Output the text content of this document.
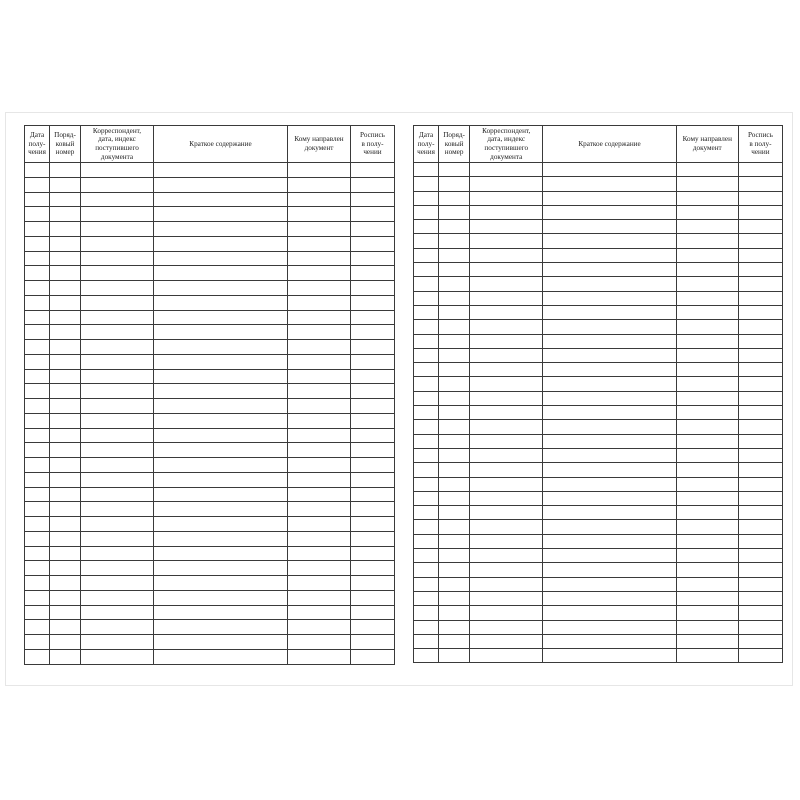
Дата
полу-
чения	Поряд-
ковый
номер	Корреспондент,
дата, индекс
поступившего
документа	Краткое содержание	Кому направлен
документ	Роспись
в полу-
чении

Дата
полу-
чения	Поряд-
ковый
номер	Корреспондент,
дата, индекс
поступившего
документа	Краткое содержание	Кому направлен
документ	Роспись
в полу-
чении
